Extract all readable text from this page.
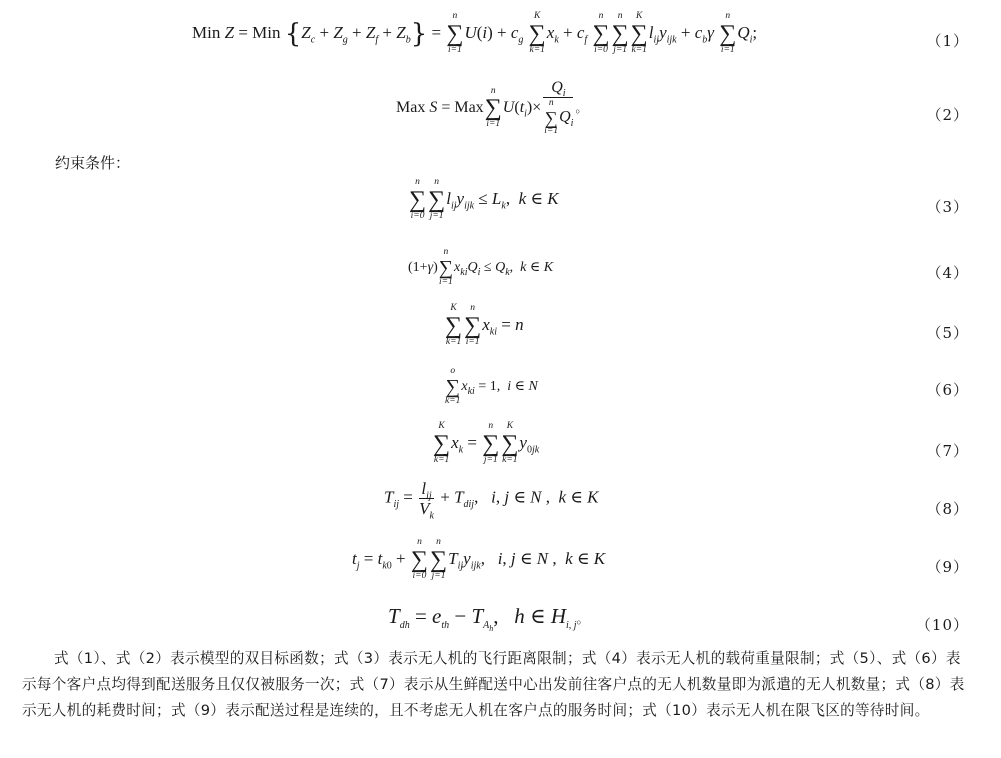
Min Z = Min $\{Z_c + Z_g + Z_f + Z_b\}$ =
n
∑
i=1
$U(i) + c_g$
K
∑
k=1
$x_k + c_f$
n
∑
i=0
n
∑
j=1
K
∑
k=1
$l_{ij}y_{ijk} + c_b\gamma$
n
∑
i=1
$Q_i$;	（1）
Max S = Max
n
∑
i=1
$U(t_i)\times Q_i$
n
∑
i=1
$Q_i$ 。	（2）
约束条件：
n
∑
i=0
n
∑
j=1
$l_{ij}y_{ijk} \le L_k$,  k ∈ K	（3）
(1+γ)
n
∑
i=1
$x_{ki}Q_i \le Q_k$,  k ∈ K	（4）
K
∑
k=1
n
∑
i=1
$x_{ki} = n$	（5）
o
∑
k=1
$x_{ki} = 1$,  i ∈ N	（6）
K
∑
k=1
$x_k$ =
n
∑
j=1
K
∑
k=1
$y_{0jk}$	（7）
$T_{ij} = \frac{l_{ij}}{V_k} + T_{dij}$,   i, j ∈ N ,  k ∈ K
（8）
$t_j = t_{k0}$ +
n
∑
i=0
n
∑
j=1
$T_{ij}y_{ijk}$,   i, j ∈ N ,  k ∈ K	（9）
$T_{dh} = e_{th} - T_{A_h}$,   h ∈ $H_{i, j}$。	（10）
式（1）、式（2）表示模型的双目标函数；式（3）表示无人机的飞行距离限制；式（4）表示无人机的载荷重量限制；式（5）、式（6）表示每个客户点均得到配送服务且仅仅被服务一次；式（7）表示从生鲜配送中心出发前往客户点的无人机数量即为派遣的无人机数量；式（8）表示无人机的耗费时间；式（9）表示配送过程是连续的，且不考虑无人机在客户点的服务时间；式（10）表示无人机在限飞区的等待时间。
